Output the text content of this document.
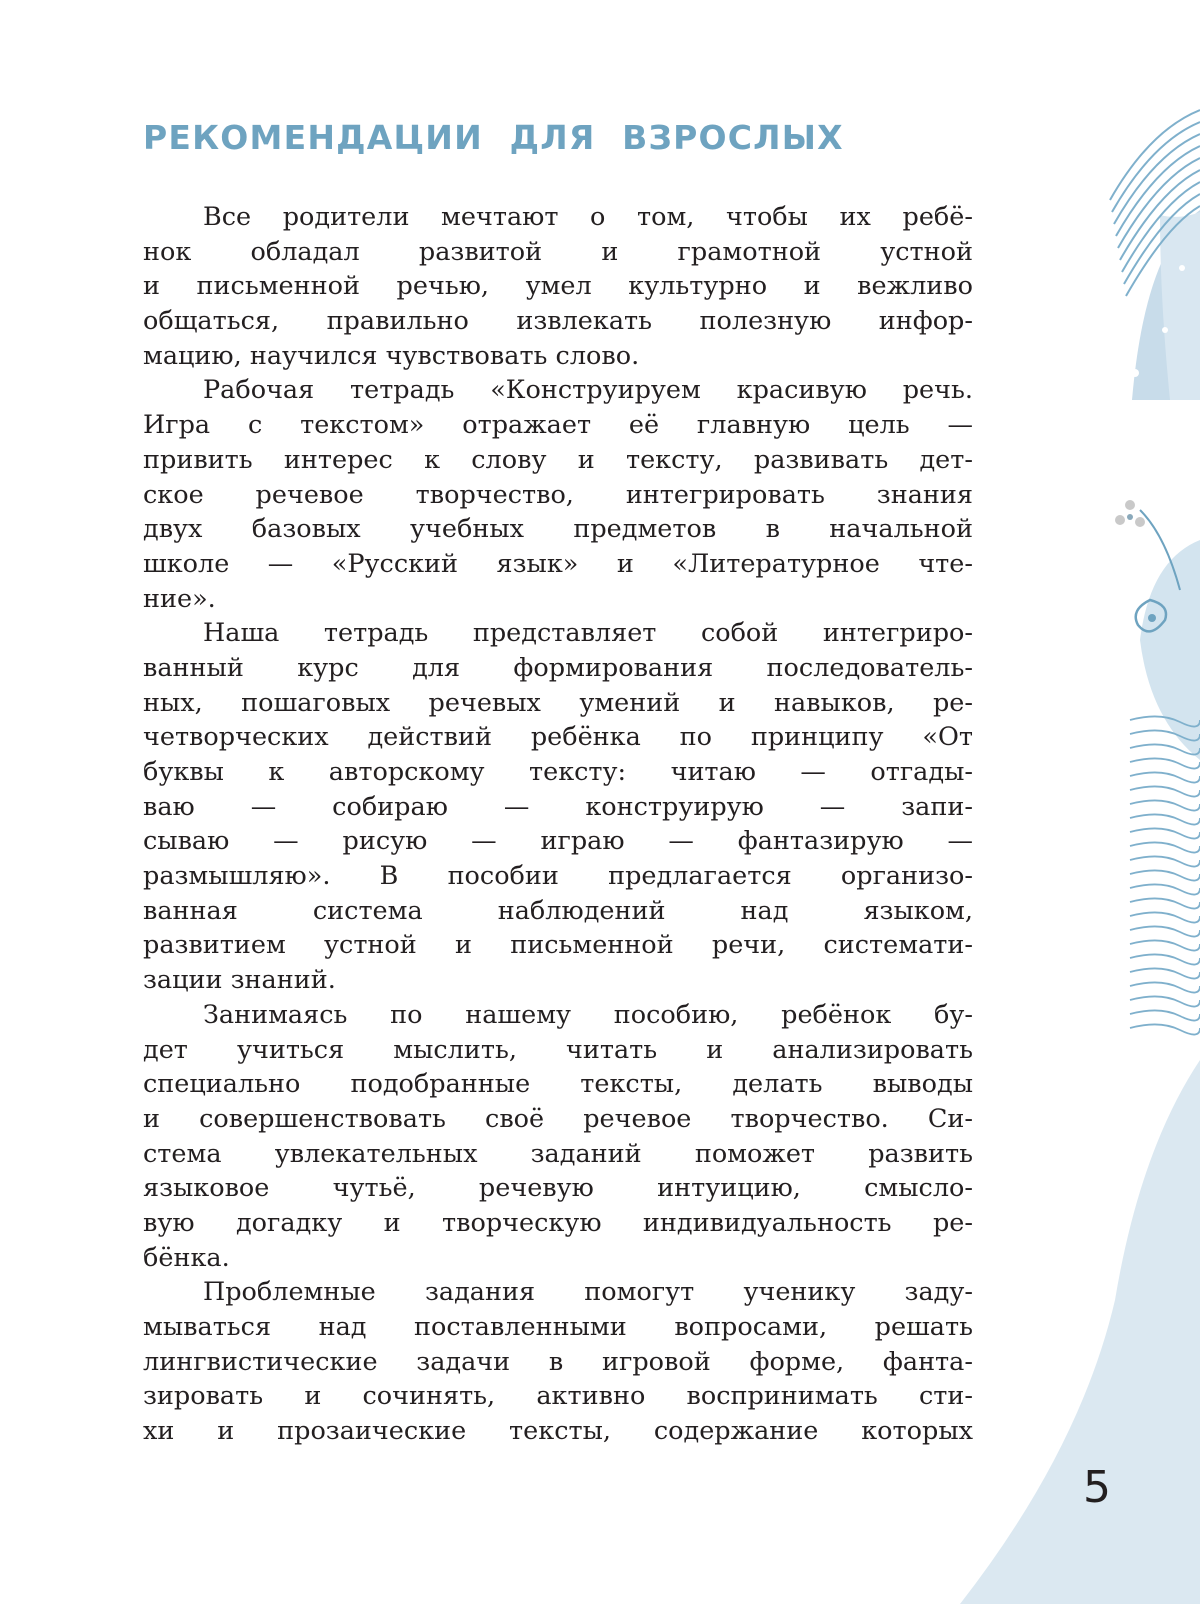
РЕКОМЕНДАЦИИ ДЛЯ ВЗРОСЛЫХ
Все родители мечтают о том, чтобы их ребё-
нок обладал развитой и грамотной устной
и письменной речью, умел культурно и вежливо
общаться, правильно извлекать полезную инфор-
мацию, научился чувствовать слово.
Рабочая тетрадь «Конструируем красивую речь.
Игра с текстом» отражает её главную цель —
привить интерес к слову и тексту, развивать дет-
ское речевое творчество, интегрировать знания
двух базовых учебных предметов в начальной
школе — «Русский язык» и «Литературное чте-
ние».
Наша тетрадь представляет собой интегриро-
ванный курс для формирования последователь-
ных, пошаговых речевых умений и навыков, ре-
четворческих действий ребёнка по принципу «От
буквы к авторскому тексту: читаю — отгады-
ваю — собираю — конструирую — запи-
сываю — рисую — играю — фантазирую —
размышляю». В пособии предлагается организо-
ванная система наблюдений над языком,
развитием устной и письменной речи, системати-
зации знаний.
Занимаясь по нашему пособию, ребёнок бу-
дет учиться мыслить, читать и анализировать
специально подобранные тексты, делать выводы
и совершенствовать своё речевое творчество. Си-
стема увлекательных заданий поможет развить
языковое чутьё, речевую интуицию, смысло-
вую догадку и творческую индивидуальность ре-
бёнка.
Проблемные задания помогут ученику заду-
мываться над поставленными вопросами, решать
лингвистические задачи в игровой форме, фанта-
зировать и сочинять, активно воспринимать сти-
хи и прозаические тексты, содержание которых
5
